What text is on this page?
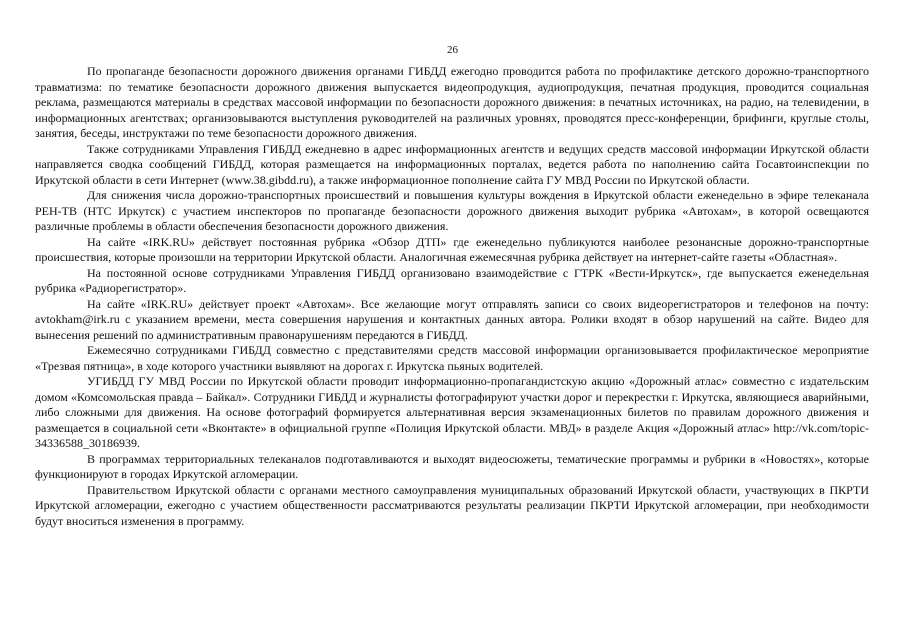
26

По пропаганде безопасности дорожного движения органами ГИБДД ежегодно проводится работа по профилактике детского дорожно-транспортного травматизма: по тематике безопасности дорожного движения выпускается видеопродукция, аудиопродукция, печатная продукция, проводится социальная реклама, размещаются материалы в средствах массовой информации по безопасности дорожного движения: в печатных источниках, на радио, на телевидении, в информационных агентствах; организовываются выступления руководителей на различных уровнях, проводятся пресс-конференции, брифинги, круглые столы, занятия, беседы, инструктажи по теме безопасности дорожного движения.

Также сотрудниками Управления ГИБДД ежедневно в адрес информационных агентств и ведущих средств массовой информации Иркутской области направляется сводка сообщений ГИБДД, которая размещается на информационных порталах, ведется работа по наполнению сайта Госавтоинспекции по Иркутской области в сети Интернет (www.38.gibdd.ru), а также информационное пополнение сайта ГУ МВД России по Иркутской области.

Для снижения числа дорожно-транспортных происшествий и повышения культуры вождения в Иркутской области еженедельно в эфире телеканала

РЕН-ТВ (НТС Иркутск) с участием инспекторов по пропаганде безопасности дорожного движения выходит рубрика «Автохам», в которой освещаются различные проблемы в области обеспечения безопасности дорожного движения.

На сайте «IRK.RU» действует постоянная рубрика «Обзор ДТП» где еженедельно публикуются наиболее резонансные дорожно-транспортные происшествия, которые произошли на территории Иркутской области. Аналогичная ежемесячная рубрика действует на интернет-сайте газеты «Областная».

На постоянной основе сотрудниками Управления ГИБДД организовано взаимодействие с ГТРК «Вести-Иркутск», где выпускается еженедельная рубрика «Радиорегистратор».

На сайте «IRK.RU» действует проект «Автохам». Все желающие могут отправлять записи со своих видеорегистраторов и телефонов на почту: avtokham@irk.ru с указанием времени, места совершения нарушения и контактных данных автора. Ролики входят в обзор нарушений на сайте. Видео для вынесения решений по административным правонарушениям передаются в ГИБДД.

Ежемесячно сотрудниками ГИБДД совместно с представителями средств массовой информации организовывается профилактическое мероприятие «Трезвая пятница», в ходе которого участники выявляют на дорогах г. Иркутска пьяных водителей.

УГИБДД ГУ МВД России по Иркутской области проводит информационно-пропагандистскую акцию «Дорожный атлас» совместно с издательским домом «Комсомольская правда – Байкал». Сотрудники ГИБДД и журналисты фотографируют участки дорог и перекрестки г. Иркутска, являющиеся аварийными, либо сложными для движения. На основе фотографий формируется альтернативная версия экзаменационных билетов по правилам дорожного движения и размещается в социальной сети «Вконтакте» в официальной группе «Полиция Иркутской области. МВД» в разделе Акция «Дорожный атлас» http://vk.com/topic-34336588_30186939.

В программах территориальных телеканалов подготавливаются и выходят видеосюжеты, тематические программы и рубрики в «Новостях», которые функционируют в городах Иркутской агломерации.

Правительством Иркутской области с органами местного самоуправления муниципальных образований Иркутской области, участвующих в ПКРТИ Иркутской агломерации, ежегодно с участием общественности рассматриваются результаты реализации ПКРТИ Иркутской агломерации, при необходимости будут вноситься изменения в программу.
